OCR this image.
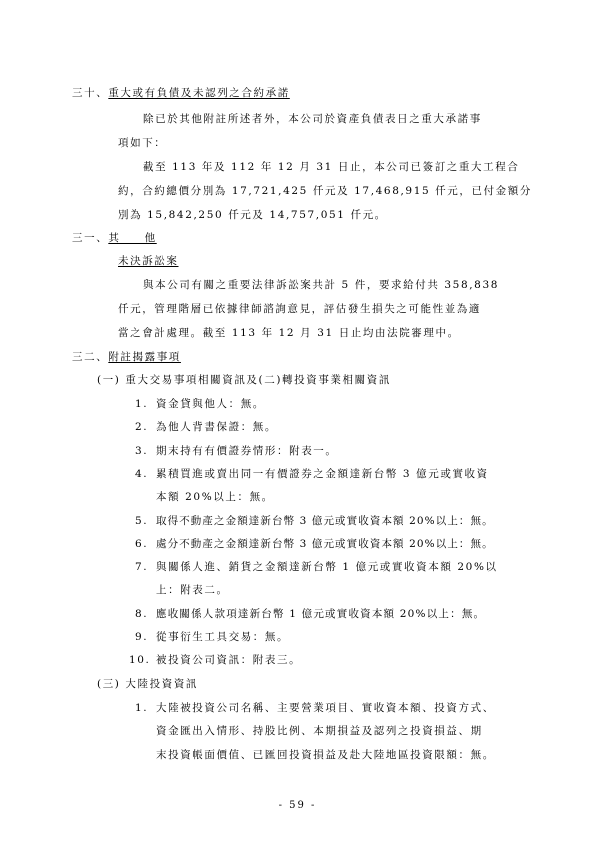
三十、重大或有負債及未認列之合約承諾
除已於其他附註所述者外，本公司於資產負債表日之重大承諾事
項如下：
截至 113 年及 112 年 12 月 31 日止，本公司已簽訂之重大工程合
約，合約總價分別為 17,721,425 仟元及 17,468,915 仟元，已付金額分
別為 15,842,250 仟元及 14,757,051 仟元。
三一、其　　他
未決訴訟案
與本公司有關之重要法律訴訟案共計 5 件，要求給付共 358,838
仟元，管理階層已依據律師諮詢意見，評估發生損失之可能性並為適
當之會計處理。截至 113 年 12 月 31 日止均由法院審理中。
三二、附註揭露事項
(一) 重大交易事項相關資訊及(二)轉投資事業相關資訊
1. 資金貸與他人：無。
2. 為他人背書保證：無。
3. 期末持有有價證券情形：附表一。
4. 累積買進或賣出同一有價證券之金額達新台幣 3 億元或實收資
本額 20%以上：無。
5. 取得不動產之金額達新台幣 3 億元或實收資本額 20%以上：無。
6. 處分不動產之金額達新台幣 3 億元或實收資本額 20%以上：無。
7. 與關係人進、銷貨之金額達新台幣 1 億元或實收資本額 20%以
上：附表二。
8. 應收關係人款項達新台幣 1 億元或實收資本額 20%以上：無。
9. 從事衍生工具交易：無。
10. 被投資公司資訊：附表三。
(三) 大陸投資資訊
1. 大陸被投資公司名稱、主要營業項目、實收資本額、投資方式、
資金匯出入情形、持股比例、本期損益及認列之投資損益、期
末投資帳面價值、已匯回投資損益及赴大陸地區投資限額：無。
- 59 -
